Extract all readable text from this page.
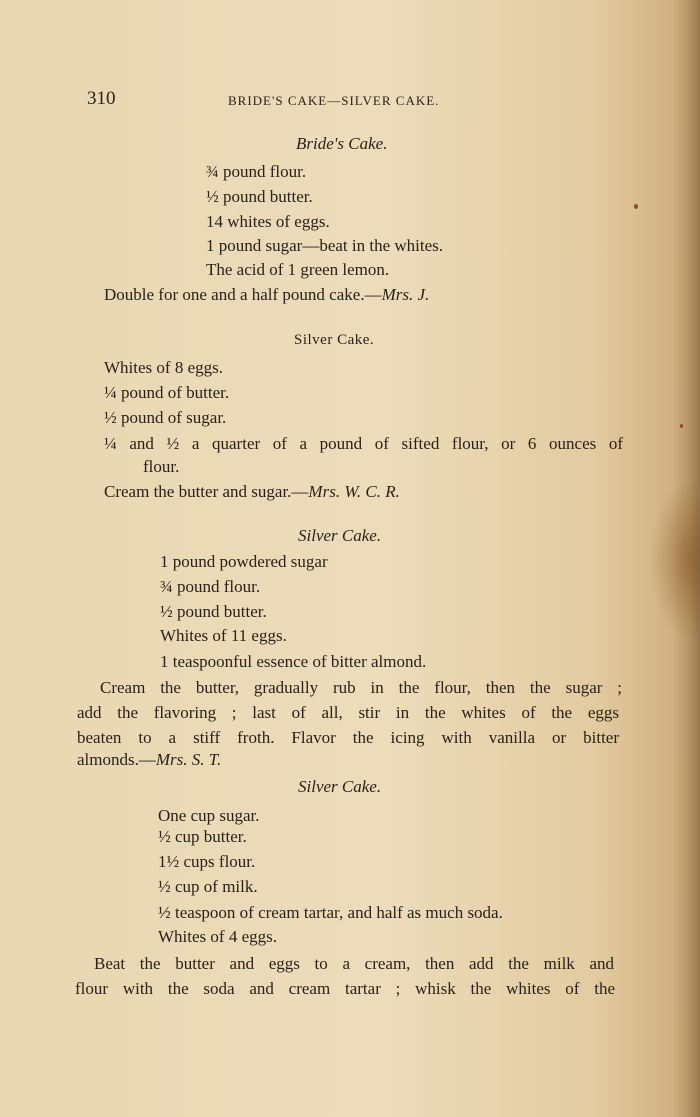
310	BRIDE'S CAKE—SILVER CAKE.
Bride's Cake.
¾ pound flour.
½ pound butter.
14 whites of eggs.
1 pound sugar—beat in the whites.
The acid of 1 green lemon.
Double for one and a half pound cake.—Mrs. J.
Silver Cake.
Whites of 8 eggs.
¼ pound of butter.
½ pound of sugar.
¼ and ½ a quarter of a pound of sifted flour, or 6 ounces of
flour.
Cream the butter and sugar.—Mrs. W. C. R.
Silver Cake.
1 pound powdered sugar
¾ pound flour.
½ pound butter.
Whites of 11 eggs.
1 teaspoonful essence of bitter almond.
Cream the butter, gradually rub in the flour, then the sugar ;
add the flavoring ; last of all, stir in the whites of the eggs
beaten to a stiff froth. Flavor the icing with vanilla or bitter
almonds.—Mrs. S. T.
Silver Cake.
One cup sugar.
½ cup butter.
1½ cups flour.
½ cup of milk.
½ teaspoon of cream tartar, and half as much soda.
Whites of 4 eggs.
Beat the butter and eggs to a cream, then add the milk and
flour with the soda and cream tartar ; whisk the whites of the
